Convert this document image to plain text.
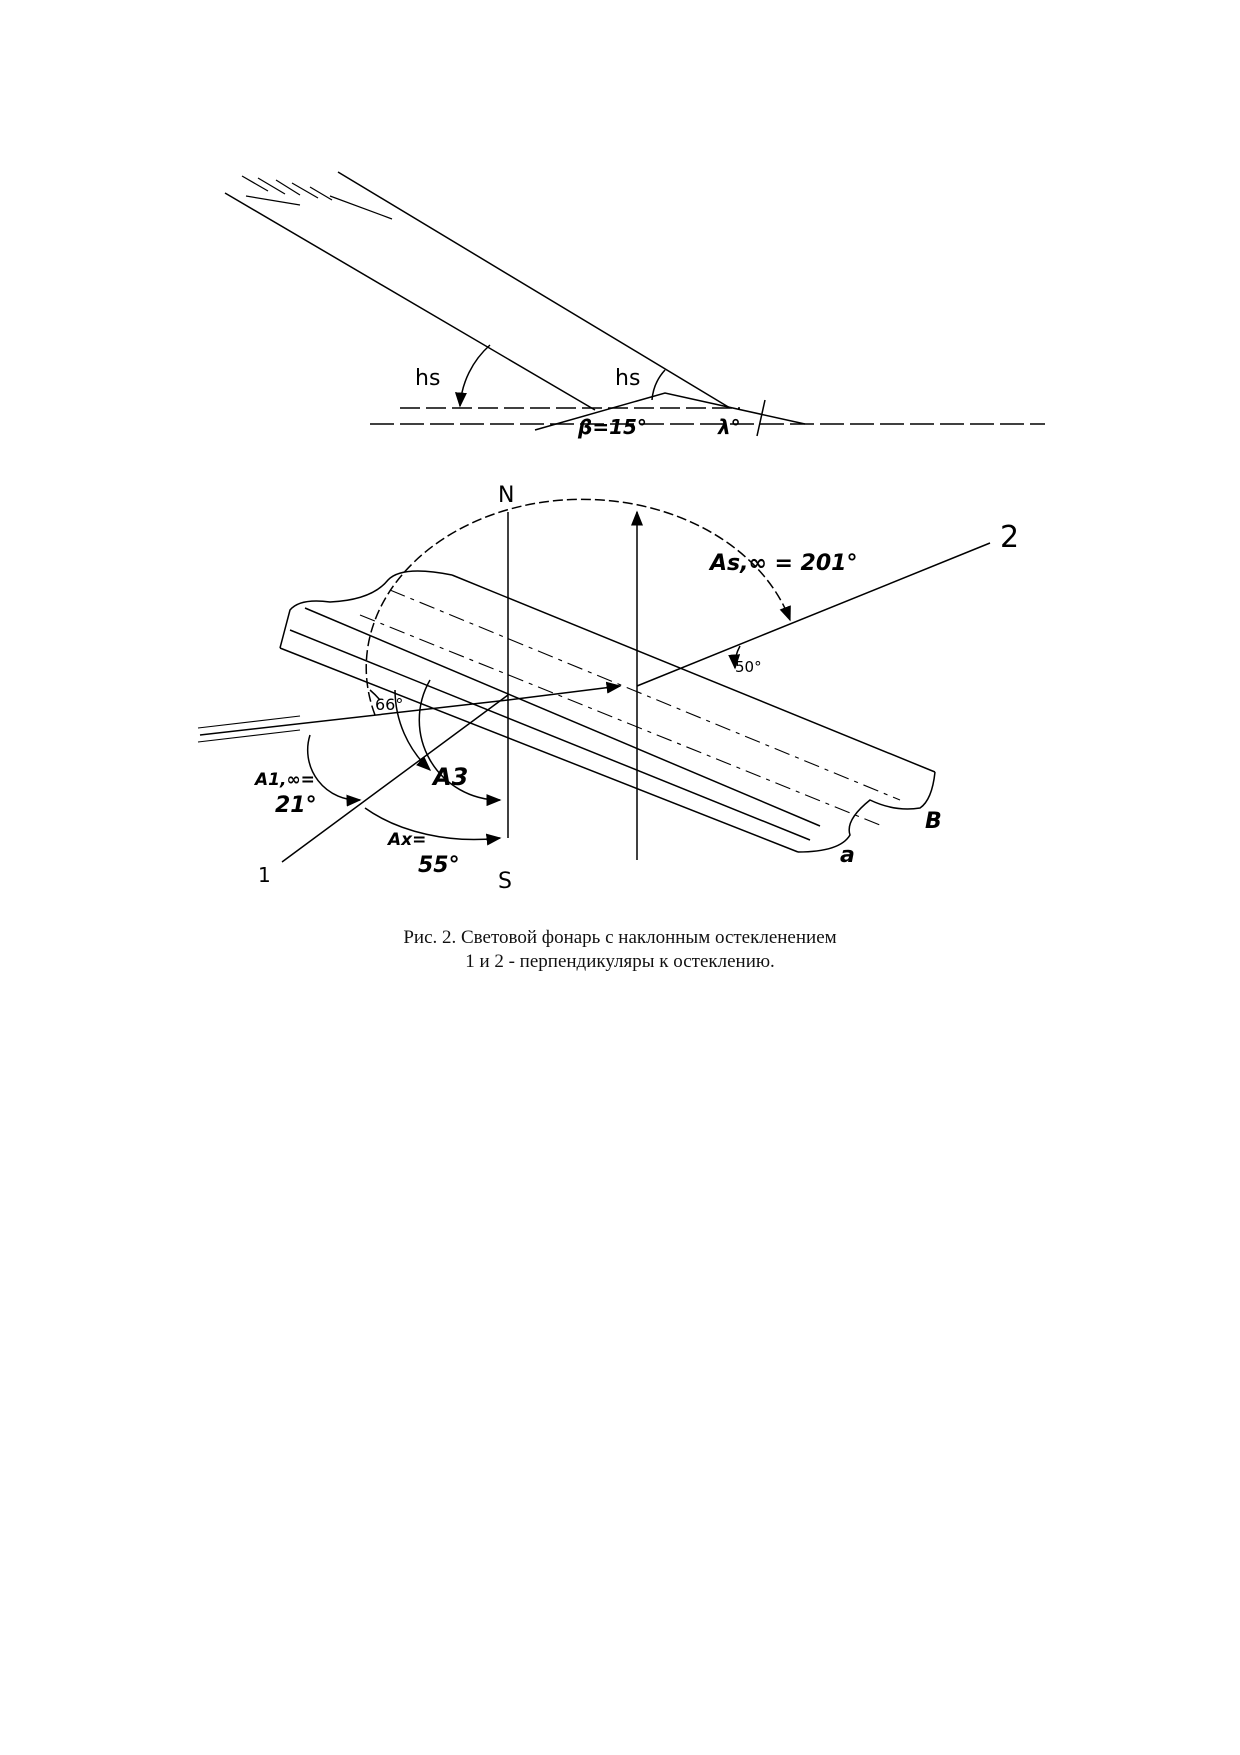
hs	hs
β=15°	λ°
N
S
1
2
As,∞ = 201°
50°
66°
A3
A1,∞=
21°
Ax=
55°	a
B
Рис. 2. Световой фонарь с наклонным остекленением
1 и 2 - перпендикуляры к остеклению.
